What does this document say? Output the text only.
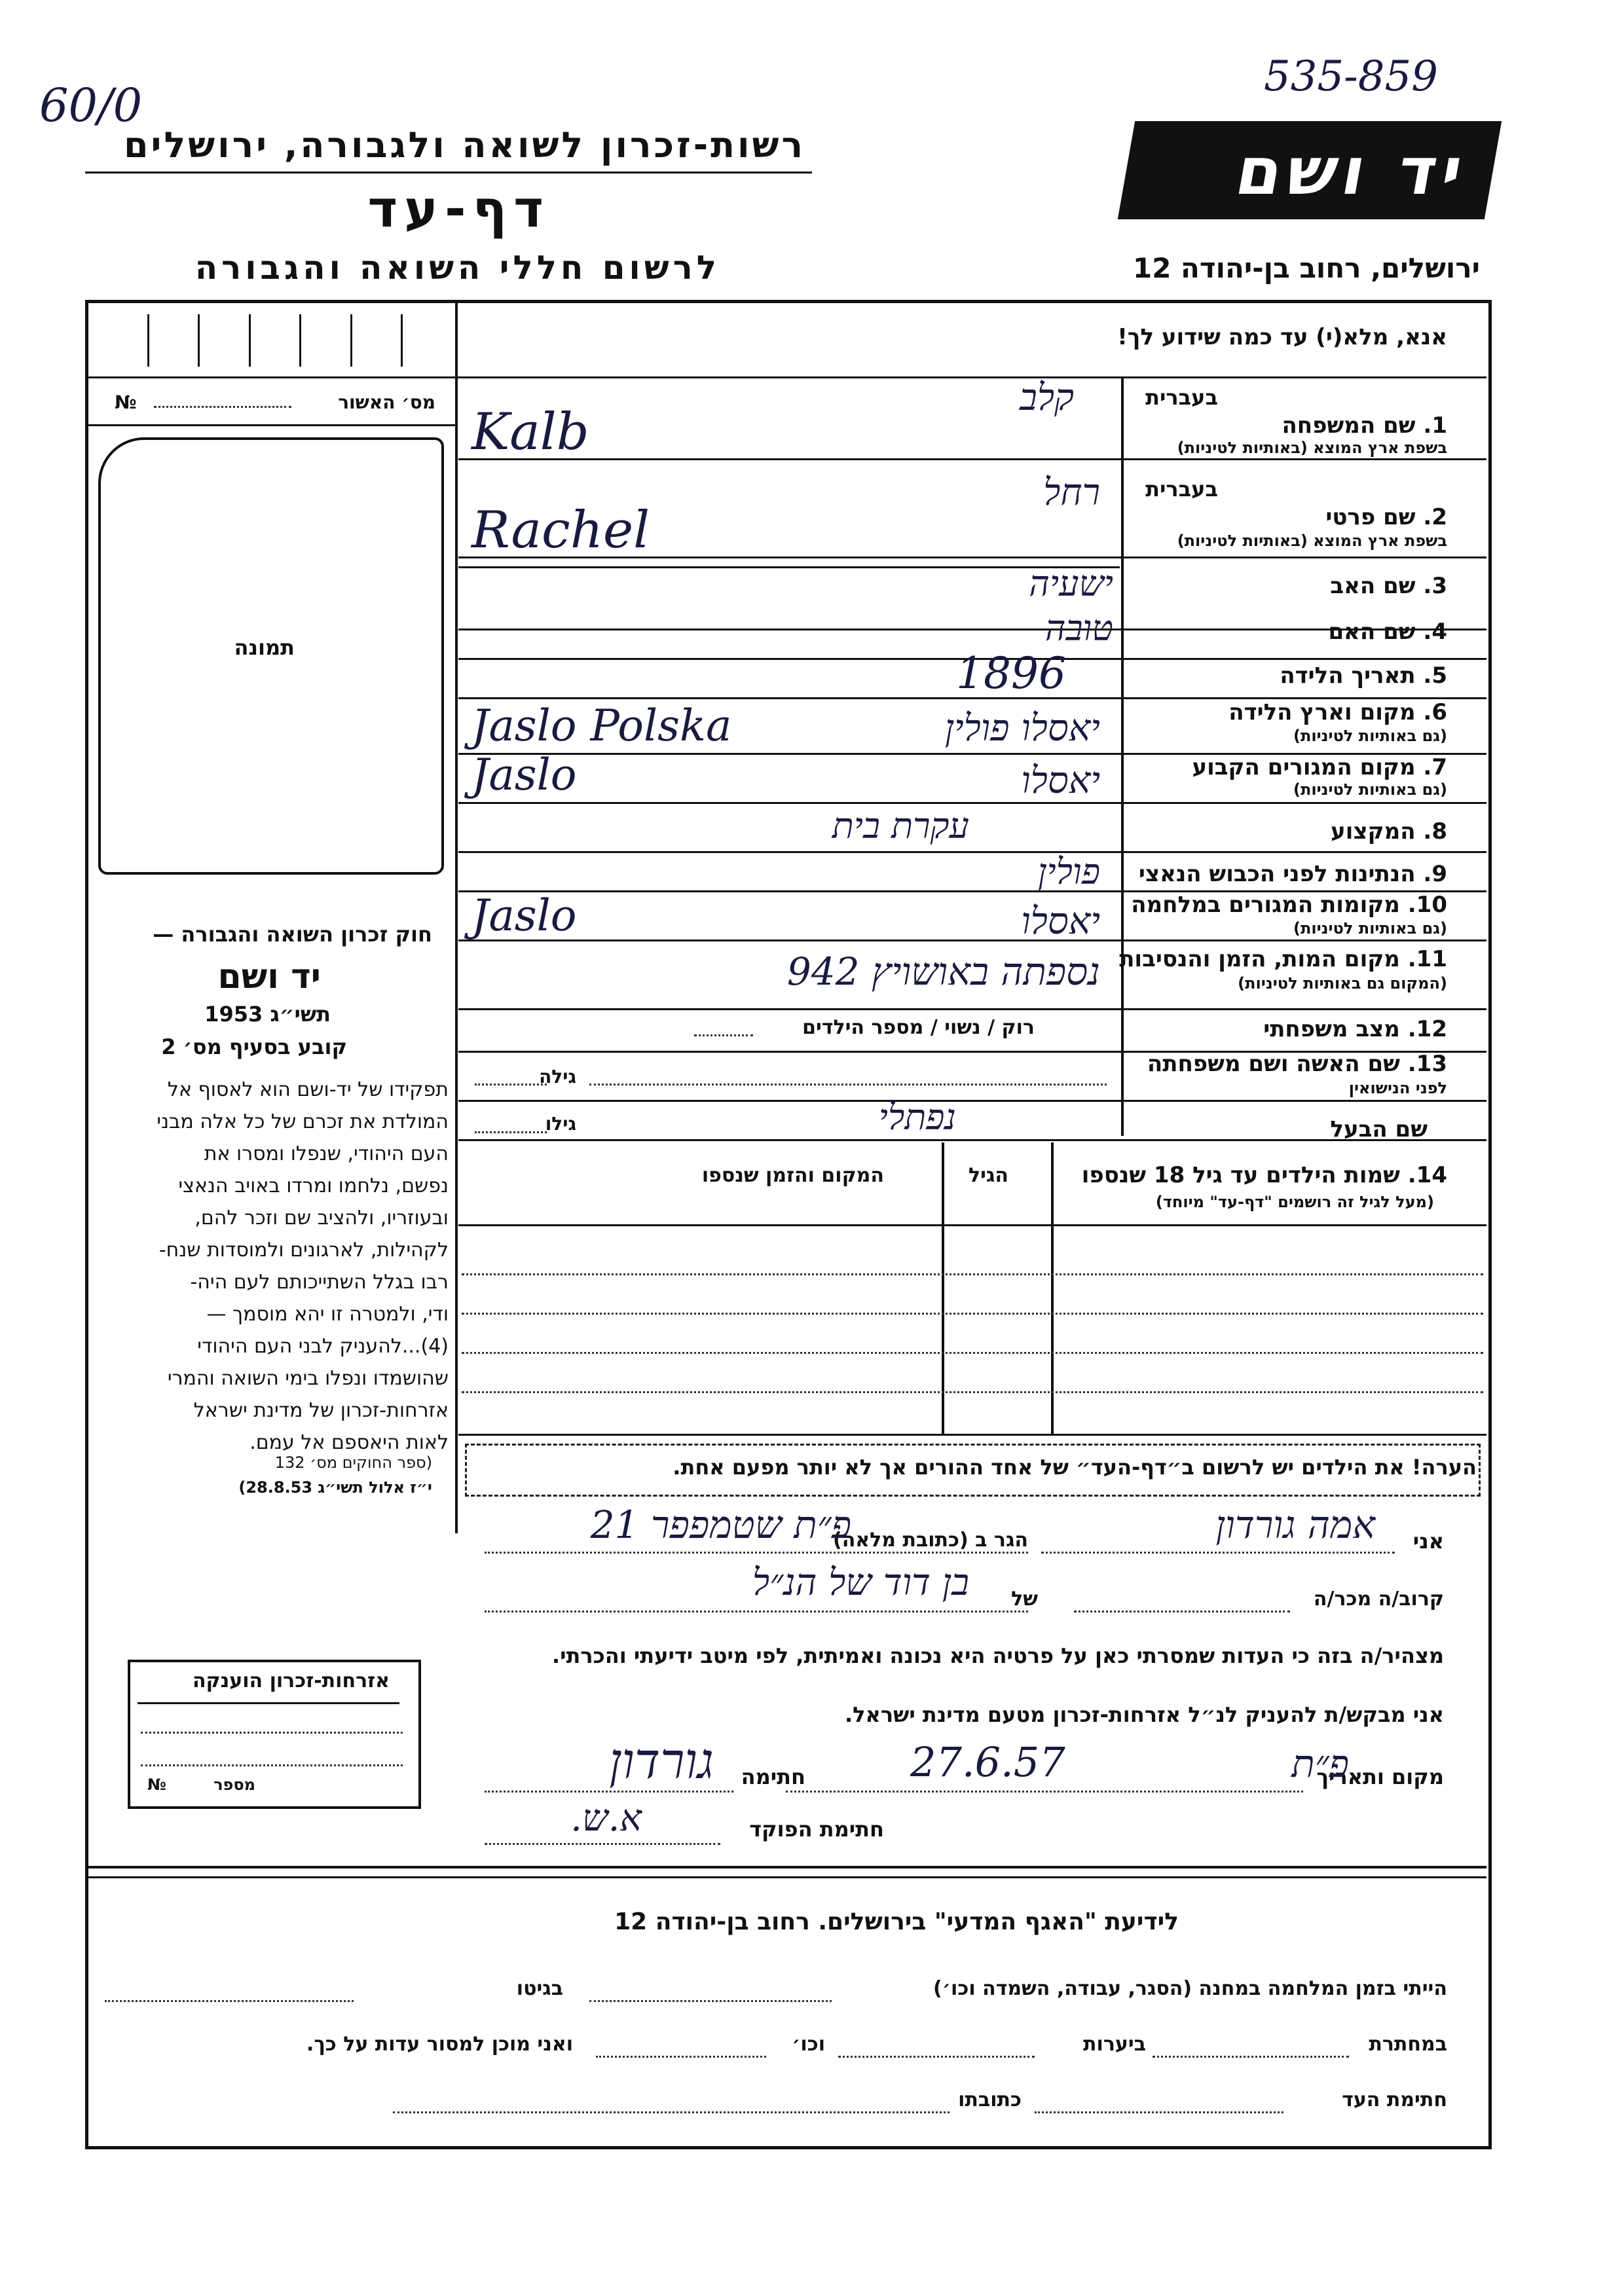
60/0
535-859
רשות-זכרון לשואה ולגבורה, ירושלים
דף-עד
לרשום חללי השואה והגבורה
יד ושם
ירושלים, רחוב בן-יהודה 12
אנא, מלא(י) עד כמה שידוע לך!
מס׳ האשור
№
תמונה
חוק זכרון השואה והגבורה —
יד ושם
תשי״ג 1953
קובע בסעיף מס׳ 2
תפקידו של יד-ושם הוא לאסוף אל
המולדת את זכרם של כל אלה מבני
העם היהודי, שנפלו ומסרו את
נפשם, נלחמו ומרדו באויב הנאצי
ובעוזריו, ולהציב שם וזכר להם,
לקהילות, לארגונים ולמוסדות שנח-
רבו בגלל השתייכותם לעם היה-
ודי, ולמטרה זו יהא מוסמך —
(4)...להעניק לבני העם היהודי
שהושמדו ונפלו בימי השואה והמרי
אזרחות-זכרון של מדינת ישראל
לאות היאספם אל עמם.
(ספר החוקים מס׳ 132
י״ז אלול תשי״ג 28.8.53)
אזרחות-זכרון הוענקה
מספר
№
בעברית
1. שם המשפחה
בשפת ארץ המוצא (באותיות לטיניות)
קלב
Kalb
בעברית
2. שם פרטי
בשפת ארץ המוצא (באותיות לטיניות)
רחל
Rachel
3. שם האב
ישעיה
4. שם האם
טובה
5. תאריך הלידה
1896
6. מקום וארץ הלידה
(גם באותיות לטיניות)
Jaslo Polska	יאסלו פולין
7. מקום המגורים הקבוע
(גם באותיות לטיניות)
Jaslo	יאסלו
8. המקצוע
עקרת בית
9. הנתינות לפני הכבוש הנאצי
פולין
10. מקומות המגורים במלחמה
(גם באותיות לטיניות)
Jaslo	יאסלו
11. מקום המות, הזמן והנסיבות
(המקום גם באותיות לטיניות)
נספתה באושויץ 942
12. מצב משפחתי
רוק / נשוי / מספר הילדים
13. שם האשה ושם משפחתה
לפני הנישואין
גילה
שם הבעל
נפתלי
גילו
14. שמות הילדים עד גיל 18 שנספו
(מעל לגיל זה רושמים "דף-עד" מיוחד)
הגיל
המקום והזמן שנספו
הערה! את הילדים יש לרשום ב״דף-העד״ של אחד ההורים אך לא יותר מפעם אחת.
אני
אמה גורדון
הגר ב (כתובת מלאה)
פ״ת שטמפפר 21
קרוב/ה מכר/ה
של
בן דוד של הנ״ל
מצהיר/ה בזה כי העדות שמסרתי כאן על פרטיה היא נכונה ואמיתית, לפי מיטב ידיעתי והכרתי.
אני מבקש/ת להעניק לנ״ל אזרחות-זכרון מטעם מדינת ישראל.
מקום ותאריך
פ״ת
27.6.57
חתימה
גורדון
חתימת הפוקד
א.ש.
לידיעת "האגף המדעי" בירושלים. רחוב בן-יהודה 12
הייתי בזמן המלחמה במחנה (הסגר, עבודה, השמדה וכו׳)
בגיטו
במחתרת
ביערות
וכו׳
ואני מוכן למסור עדות על כך.
חתימת העד
כתובתו
